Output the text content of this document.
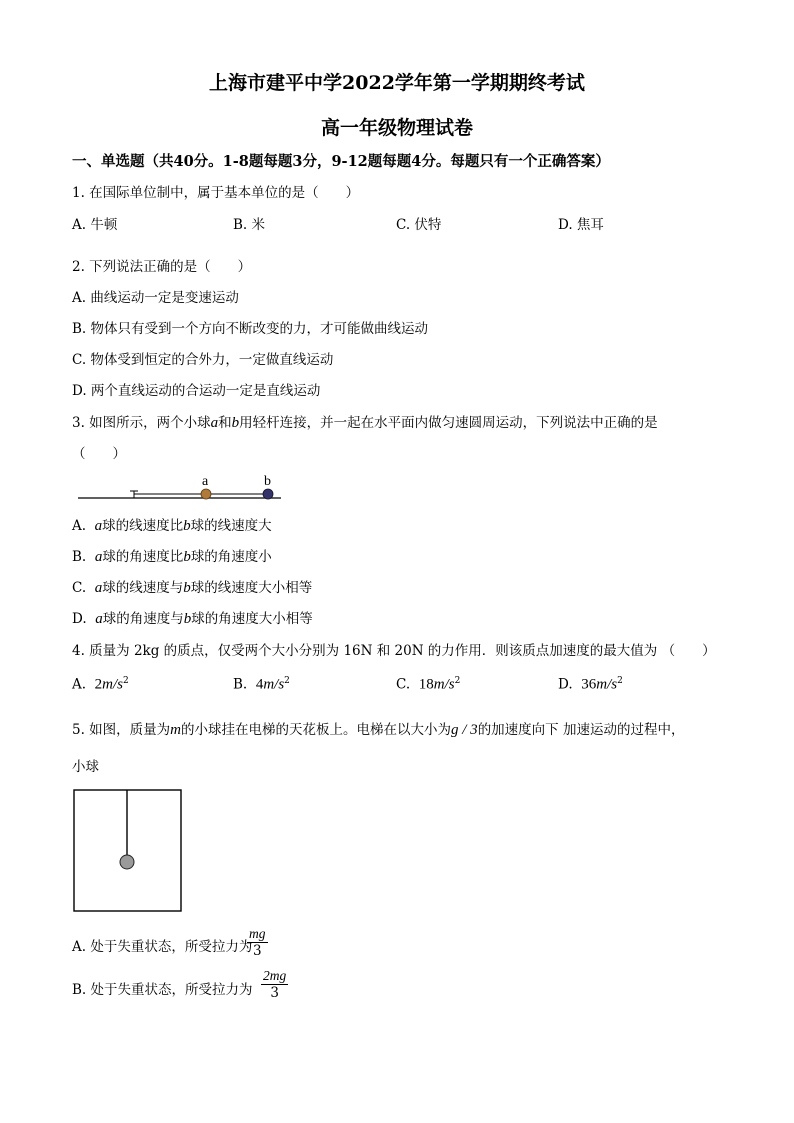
上海市建平中学2022学年第一学期期终考试
高一年级物理试卷
一、单选题（共40分。1-8题每题3分，9-12题每题4分。每题只有一个正确答案）
1. 在国际单位制中，属于基本单位的是（　　）
A. 牛顿	B. 米	C. 伏特	D. 焦耳
2. 下列说法正确的是（　　）
A. 曲线运动一定是变速运动
B. 物体只有受到一个方向不断改变的力，才可能做曲线运动
C. 物体受到恒定的合外力，一定做直线运动
D. 两个直线运动的合运动一定是直线运动
3. 如图所示，两个小球a和b用轻杆连接，并一起在水平面内做匀速圆周运动，下列说法中正确的是
（　　）
a	b
A. a球的线速度比b球的线速度大
B. a球的角速度比b球的角速度小
C. a球的线速度与b球的线速度大小相等
D. a球的角速度与b球的角速度大小相等
4. 质量为 2kg 的质点，仅受两个大小分别为 16N 和 20N 的力作用．则该质点加速度的最大值为 （　　）
A. $2m/s^2$	B. $4m/s^2$	C. $18m/s^2$	D. $36m/s^2$
5. 如图，质量为m的小球挂在电梯的天花板上。电梯在以大小为g / 3的加速度向下 加速运动的过程中，
小球
A. 处于失重状态，所受拉力为
$\frac{mg}{3}$
B. 处于失重状态，所受拉力为 $\frac{2mg}{3}$
